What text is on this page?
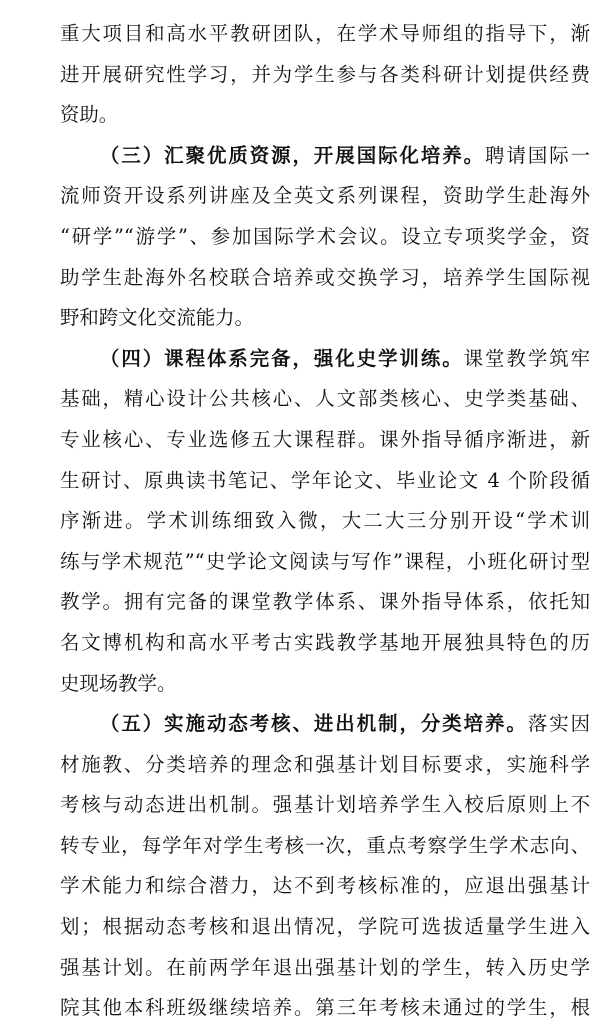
重大项目和高水平教研团队，在学术导师组的指导下，渐
进开展研究性学习，并为学生参与各类科研计划提供经费
资助。
（三）汇聚优质资源，开展国际化培养。聘请国际一
流师资开设系列讲座及全英文系列课程，资助学生赴海外
“研学”“游学”、参加国际学术会议。设立专项奖学金，资
助学生赴海外名校联合培养或交换学习，培养学生国际视
野和跨文化交流能力。
（四）课程体系完备，强化史学训练。课堂教学筑牢
基础，精心设计公共核心、人文部类核心、史学类基础、
专业核心、专业选修五大课程群。课外指导循序渐进，新
生研讨、原典读书笔记、学年论文、毕业论文 4 个阶段循
序渐进。学术训练细致入微，大二大三分别开设“学术训
练与学术规范”“史学论文阅读与写作”课程，小班化研讨型
教学。拥有完备的课堂教学体系、课外指导体系，依托知
名文博机构和高水平考古实践教学基地开展独具特色的历
史现场教学。
（五）实施动态考核、进出机制，分类培养。落实因
材施教、分类培养的理念和强基计划目标要求，实施科学
考核与动态进出机制。强基计划培养学生入校后原则上不
转专业，每学年对学生考核一次，重点考察学生学术志向、
学术能力和综合潜力，达不到考核标准的，应退出强基计
划；根据动态考核和退出情况，学院可选拔适量学生进入
强基计划。在前两学年退出强基计划的学生，转入历史学
院其他本科班级继续培养。第三年考核未通过的学生，根
